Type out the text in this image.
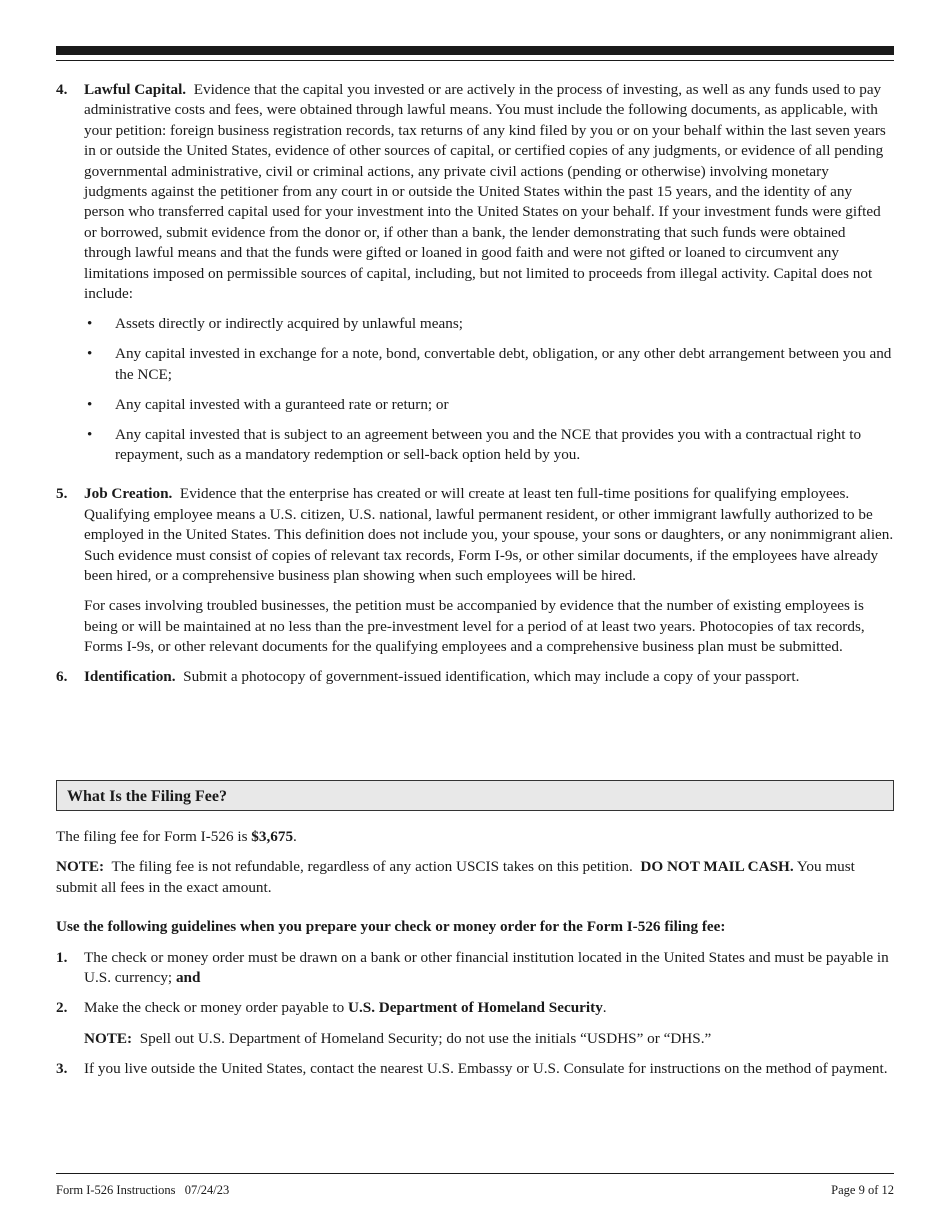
4.	Lawful Capital. Evidence that the capital you invested or are actively in the process of investing, as well as any funds used to pay administrative costs and fees, were obtained through lawful means. You must include the following documents, as applicable, with your petition: foreign business registration records, tax returns of any kind filed by you or on your behalf within the last seven years in or outside the United States, evidence of other sources of capital, or certified copies of any judgments, or evidence of all pending governmental administrative, civil or criminal actions, any private civil actions (pending or otherwise) involving monetary judgments against the petitioner from any court in or outside the United States within the past 15 years, and the identity of any person who transferred capital used for your investment into the United States on your behalf. If your investment funds were gifted or borrowed, submit evidence from the donor or, if other than a bank, the lender demonstrating that such funds were obtained through lawful means and that the funds were gifted or loaned in good faith and were not gifted or loaned to circumvent any limitations imposed on permissible sources of capital, including, but not limited to proceeds from illegal activity. Capital does not include:

•	Assets directly or indirectly acquired by unlawful means;
•	Any capital invested in exchange for a note, bond, convertable debt, obligation, or any other debt arrangement between you and the NCE;
•	Any capital invested with a guranteed rate or return; or
•	Any capital invested that is subject to an agreement between you and the NCE that provides you with a contractual right to repayment, such as a mandatory redemption or sell-back option held by you.
5.	Job Creation. Evidence that the enterprise has created or will create at least ten full-time positions for qualifying employees. Qualifying employee means a U.S. citizen, U.S. national, lawful permanent resident, or other immigrant lawfully authorized to be employed in the United States. This definition does not include you, your spouse, your sons or daughters, or any nonimmigrant alien. Such evidence must consist of copies of relevant tax records, Form I-9s, or other similar documents, if the employees have already been hired, or a comprehensive business plan showing when such employees will be hired.

For cases involving troubled businesses, the petition must be accompanied by evidence that the number of existing employees is being or will be maintained at no less than the pre-investment level for a period of at least two years. Photocopies of tax records, Forms I-9s, or other relevant documents for the qualifying employees and a comprehensive business plan must be submitted.

6.	Identification. Submit a photocopy of government-issued identification, which may include a copy of your passport.

What Is the Filing Fee?

The filing fee for Form I-526 is $3,675.

NOTE: The filing fee is not refundable, regardless of any action USCIS takes on this petition. DO NOT MAIL CASH. You must submit all fees in the exact amount.

Use the following guidelines when you prepare your check or money order for the Form I-526 filing fee:

1.	The check or money order must be drawn on a bank or other financial institution located in the United States and must be payable in U.S. currency; and
2.	Make the check or money order payable to U.S. Department of Homeland Security.

NOTE: Spell out U.S. Department of Homeland Security; do not use the initials “USDHS” or “DHS.”

3.	If you live outside the United States, contact the nearest U.S. Embassy or U.S. Consulate for instructions on the method of payment.
Form I-526 Instructions   07/24/23	Page 9 of 12
